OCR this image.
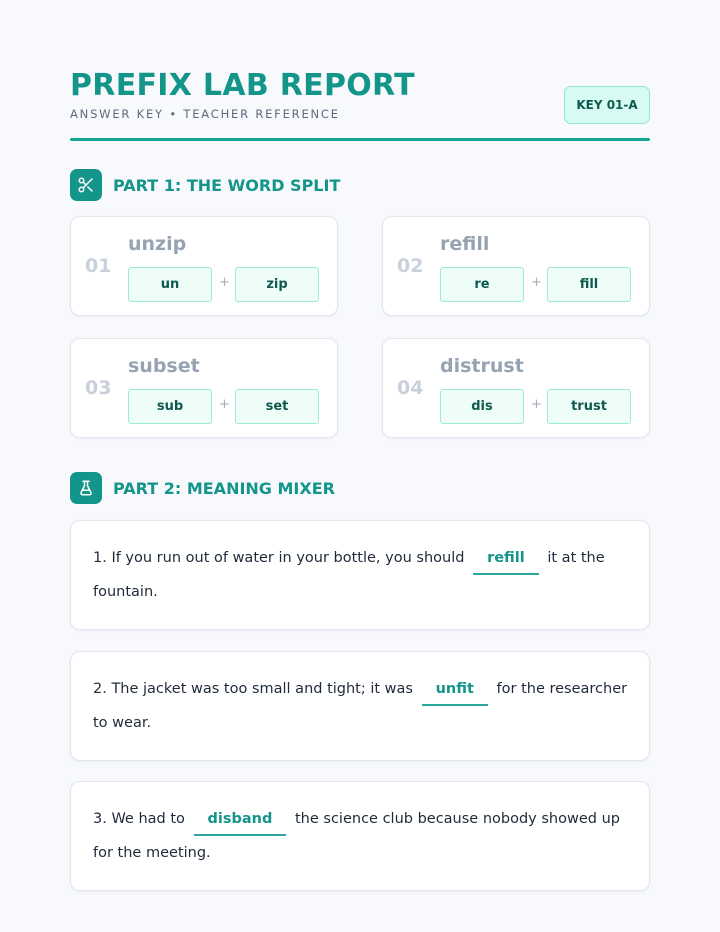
PREFIX LAB REPORT
ANSWER KEY • TEACHER REFERENCE
KEY 01-A
PART 1: THE WORD SPLIT
01
unzip
un	+	zip
02
refill
re	+	fill
03
subset
sub	+	set
04
distrust
dis	+	trust
PART 2: MEANING MIXER
1. If you run out of water in your bottle, you should refill it at the fountain.
2. The jacket was too small and tight; it was unfit for the researcher to wear.
3. We had to disband the science club because nobody showed up for the meeting.
